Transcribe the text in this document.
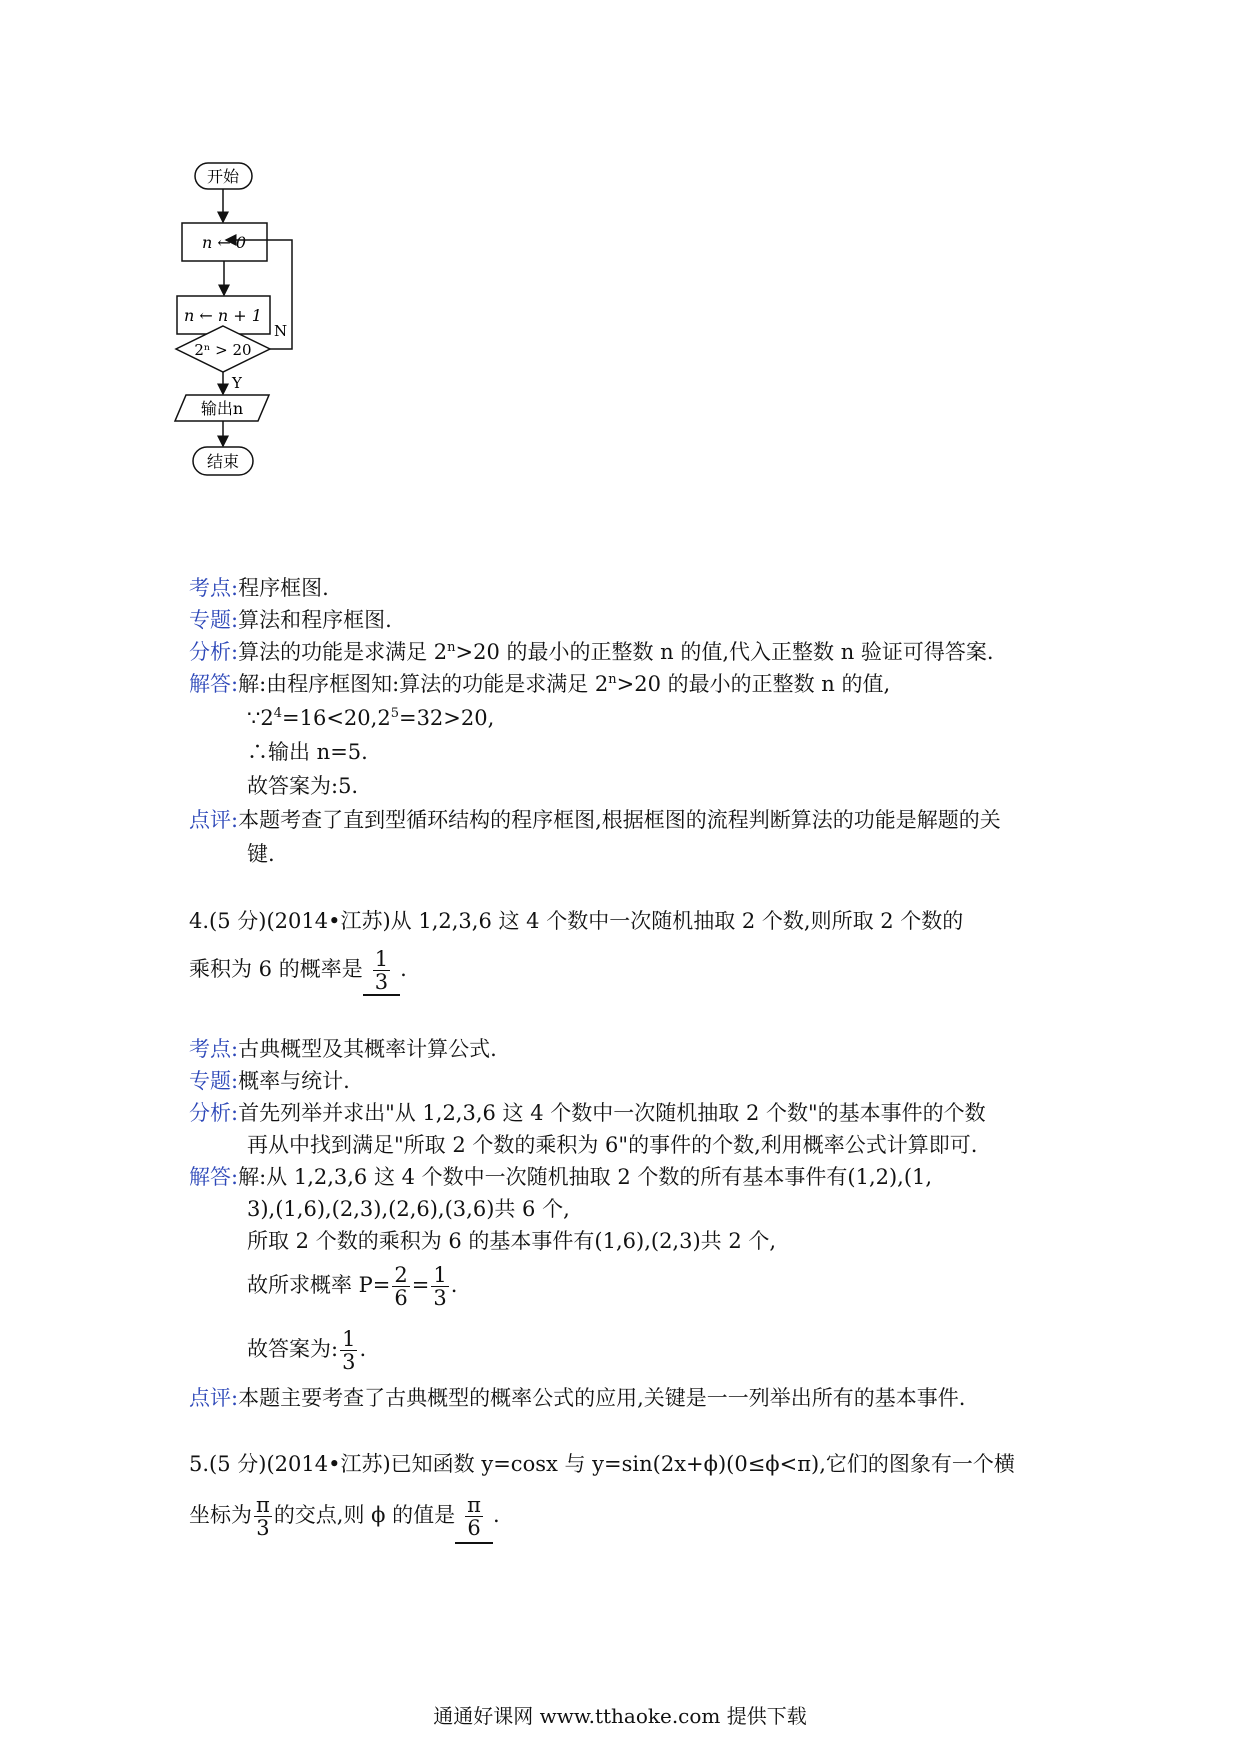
开始
n ← 0
n ← n + 1
2ⁿ > 20
N
Y
输出n
结束
考点:程序框图.
专题:算法和程序框图.
分析:算法的功能是求满足 $2^n>20$ 的最小的正整数 n 的值,代入正整数 n 验证可得答案.
解答:解:由程序框图知:算法的功能是求满足 $2^n>20$ 的最小的正整数 n 的值,
$\because 2^4=16<20,2^5=32>20$,
∴输出 n=5.
故答案为:5.
点评:本题考查了直到型循环结构的程序框图,根据框图的流程判断算法的功能是解题的关
键.
4.(5 分)(2014•江苏)从 1,2,3,6 这 4 个数中一次随机抽取 2 个数,则所取 2 个数的
乘积为 6 的概率是 $\frac{1}{3}$ .
考点:古典概型及其概率计算公式.
专题:概率与统计.
分析:首先列举并求出"从 1,2,3,6 这 4 个数中一次随机抽取 2 个数"的基本事件的个数
再从中找到满足"所取 2 个数的乘积为 6"的事件的个数,利用概率公式计算即可.
解答:解:从 1,2,3,6 这 4 个数中一次随机抽取 2 个数的所有基本事件有(1,2),(1,
3),(1,6),(2,3),(2,6),(3,6)共 6 个,
所取 2 个数的乘积为 6 的基本事件有(1,6),(2,3)共 2 个,
故所求概率 $P= \frac{2}{6} = \frac{1}{3}$ .
故答案为: $\frac{1}{3}$ .
点评:本题主要考查了古典概型的概率公式的应用,关键是一一列举出所有的基本事件.
5.(5 分)(2014•江苏)已知函数 y=cosx 与 y=sin(2x+ϕ)(0≤ϕ<π),它们的图象有一个横
坐标为 $\frac{\pi}{3}$ 的交点,则 ϕ 的值是 $\frac{\pi}{6}$ .
通通好课网 www.tthaoke.com 提供下载
